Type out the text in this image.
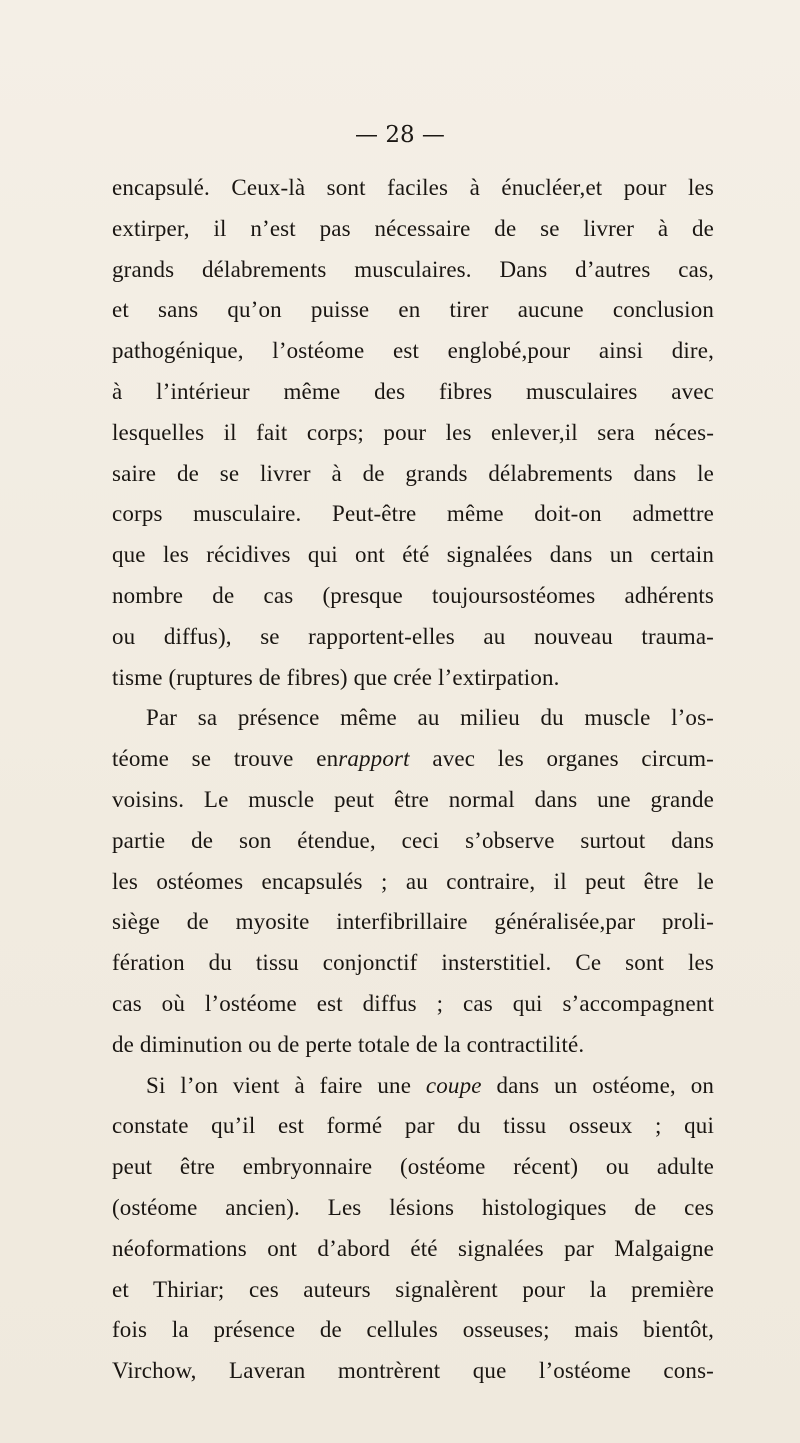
— 28 —
encapsulé. Ceux-là sont faciles à énucléer,et pour les
extirper, il n’est pas nécessaire de se livrer à de
grands délabrements musculaires. Dans d’autres cas,
et sans qu’on puisse en tirer aucune conclusion
pathogénique, l’ostéome est englobé,pour ainsi dire,
à l’intérieur même des fibres musculaires avec
lesquelles il fait corps; pour les enlever,il sera néces-
saire de se livrer à de grands délabrements dans le
corps musculaire. Peut-être même doit-on admettre
que les récidives qui ont été signalées dans un certain
nombre de cas (presque toujoursostéomes adhérents
ou diffus), se rapportent-elles au nouveau trauma-
tisme (ruptures de fibres) que crée l’extirpation.
Par sa présence même au milieu du muscle l’os-
téome se trouve enrapport avec les organes circum-
voisins. Le muscle peut être normal dans une grande
partie de son étendue, ceci s’observe surtout dans
les ostéomes encapsulés ; au contraire, il peut être le
siège de myosite interfibrillaire généralisée,par proli-
fération du tissu conjonctif insterstitiel. Ce sont les
cas où l’ostéome est diffus ; cas qui s’accompagnent
de diminution ou de perte totale de la contractilité.
Si l’on vient à faire une coupe dans un ostéome, on
constate qu’il est formé par du tissu osseux ; qui
peut être embryonnaire (ostéome récent) ou adulte
(ostéome ancien). Les lésions histologiques de ces
néoformations ont d’abord été signalées par Malgaigne
et Thiriar; ces auteurs signalèrent pour la première
fois la présence de cellules osseuses; mais bientôt,
Virchow, Laveran montrèrent que l’ostéome cons-
